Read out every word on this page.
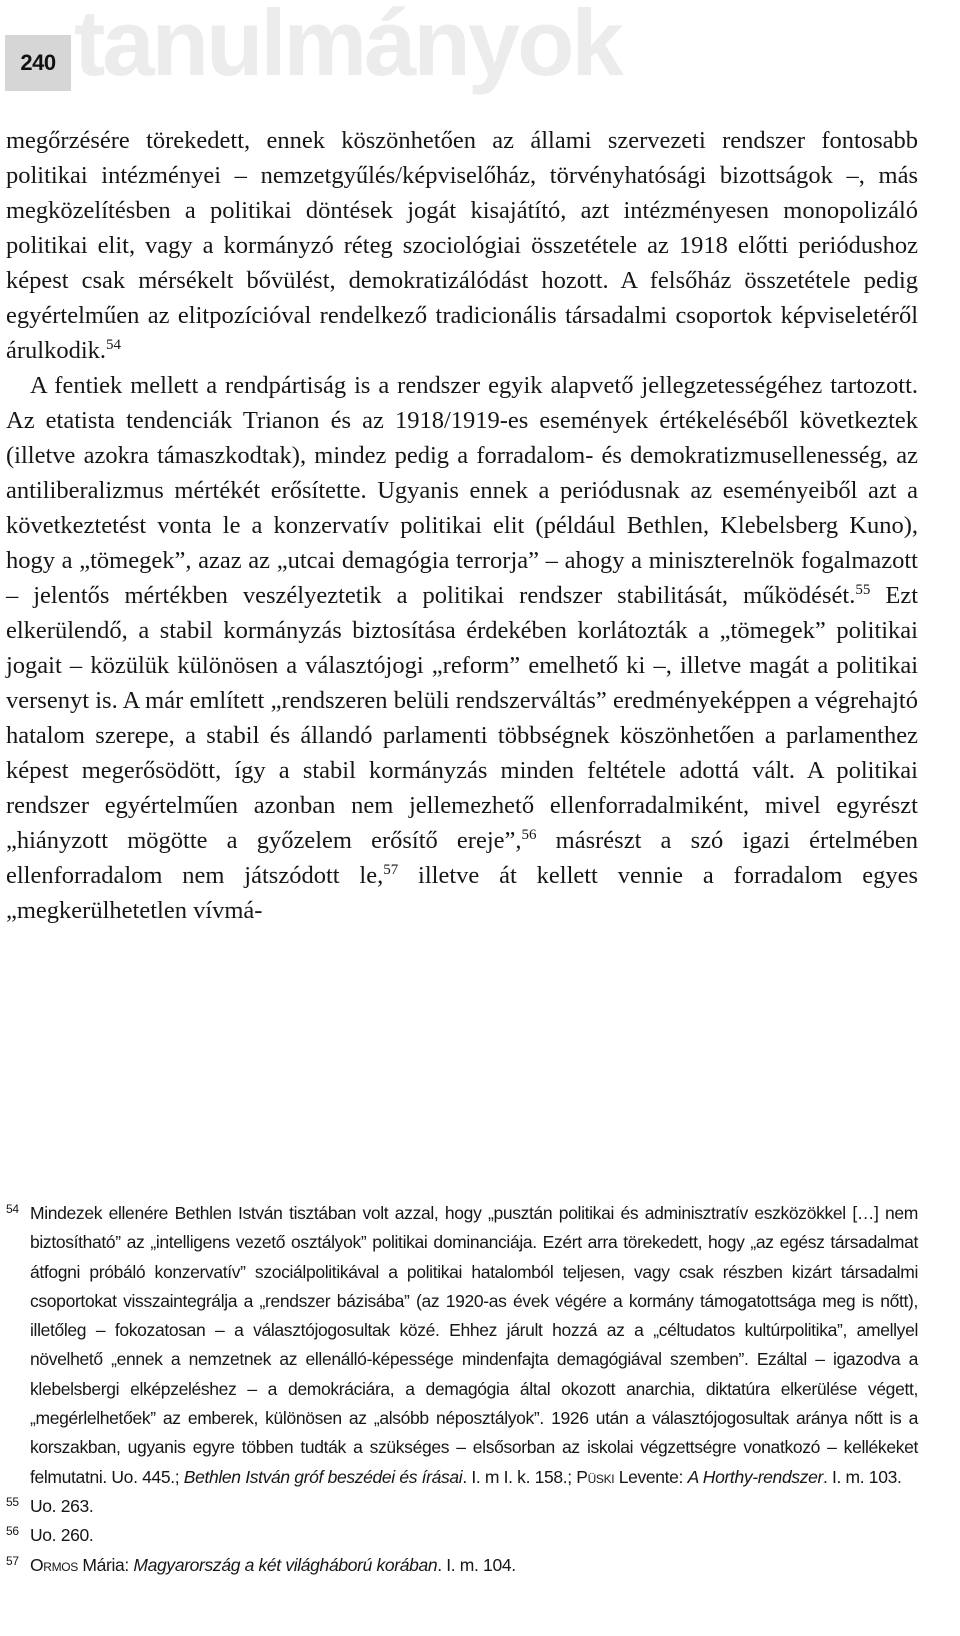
240 tanulmányok

megőrzésére törekedett, ennek köszönhetően az állami szervezeti rendszer fontosabb politikai intézményei – nemzetgyűlés/képviselőház, törvényhatósági bizottságok –, más megközelítésben a politikai döntések jogát kisajátító, azt intézményesen monopolizáló politikai elit, vagy a kormányzó réteg szociológiai összetétele az 1918 előtti periódushoz képest csak mérsékelt bővülést, demokratizálódást hozott. A felsőház összetétele pedig egyértelműen az elitpozícióval rendelkező tradicionális társadalmi csoportok képviseletéről árulkodik.$^{54}$

A fentiek mellett a rendpártiság is a rendszer egyik alapvető jellegzetességéhez tartozott. Az etatista tendenciák Trianon és az 1918/1919-es események értékeléséből következtek (illetve azokra támaszkodtak), mindez pedig a forradalom- és demokratizmusellenesség, az antiliberalizmus mértékét erősítette. Ugyanis ennek a periódusnak az eseményeiből azt a következtetést vonta le a konzervatív politikai elit (például Bethlen, Klebelsberg Kuno), hogy a „tömegek”, azaz az „utcai demagógia terrorja” – ahogy a miniszterelnök fogalmazott – jelentős mértékben veszélyeztetik a politikai rendszer stabilitását, működését.$^{55}$ Ezt elkerülendő, a stabil kormányzás biztosítása érdekében korlátozták a „tömegek” politikai jogait – közülük különösen a választójogi „reform” emelhető ki –, illetve magát a politikai versenyt is. A már említett „rendszeren belüli rendszerváltás” eredményeképpen a végrehajtó hatalom szerepe, a stabil és állandó parlamenti többségnek köszönhetően a parlamenthez képest megerősödött, így a stabil kormányzás minden feltétele adottá vált. A politikai rendszer egyértelműen azonban nem jellemezhető ellenforradalmiként, mivel egyrészt „hiányzott mögötte a győzelem erősítő ereje”,$^{56}$ másrészt a szó igazi értelmében ellenforradalom nem játszódott le,$^{57}$ illetve át kellett vennie a forradalom egyes „megkerülhetetlen vívmá-

54 Mindezek ellenére Bethlen István tisztában volt azzal, hogy „pusztán politikai és adminisztratív eszközökkel […] nem biztosítható” az „intelligens vezető osztályok” politikai dominanciája. Ezért arra törekedett, hogy „az egész társadalmat átfogni próbáló konzervatív” szociálpolitikával a politikai hatalomból teljesen, vagy csak részben kizárt társadalmi csoportokat visszaintegrálja a „rendszer bázisába” (az 1920-as évek végére a kormány támogatottsága meg is nőtt), illetőleg – fokozatosan – a választójogosultak közé. Ehhez járult hozzá az a „céltudatos kultúrpolitika”, amellyel növelhető „ennek a nemzetnek az ellenálló-képessége mindenfajta demagógiával szemben”. Ezáltal – igazodva a klebelsbergi elképzeléshez – a demokráciára, a demagógia által okozott anarchia, diktatúra elkerülése végett, „megérlelhetőek” az emberek, különösen az „alsóbb néposztályok”. 1926 után a választójogosultak aránya nőtt is a korszakban, ugyanis egyre többen tudták a szükséges – elsősorban az iskolai végzettségre vonatkozó – kellékeket felmutatni. Uo. 445.; Bethlen István gróf beszédei és írásai. I. m I. k. 158.; Püski Levente: A Horthy-rendszer. I. m. 103.
55 Uo. 263.
56 Uo. 260.
57 Ormos Mária: Magyarország a két világháború korában. I. m. 104.
